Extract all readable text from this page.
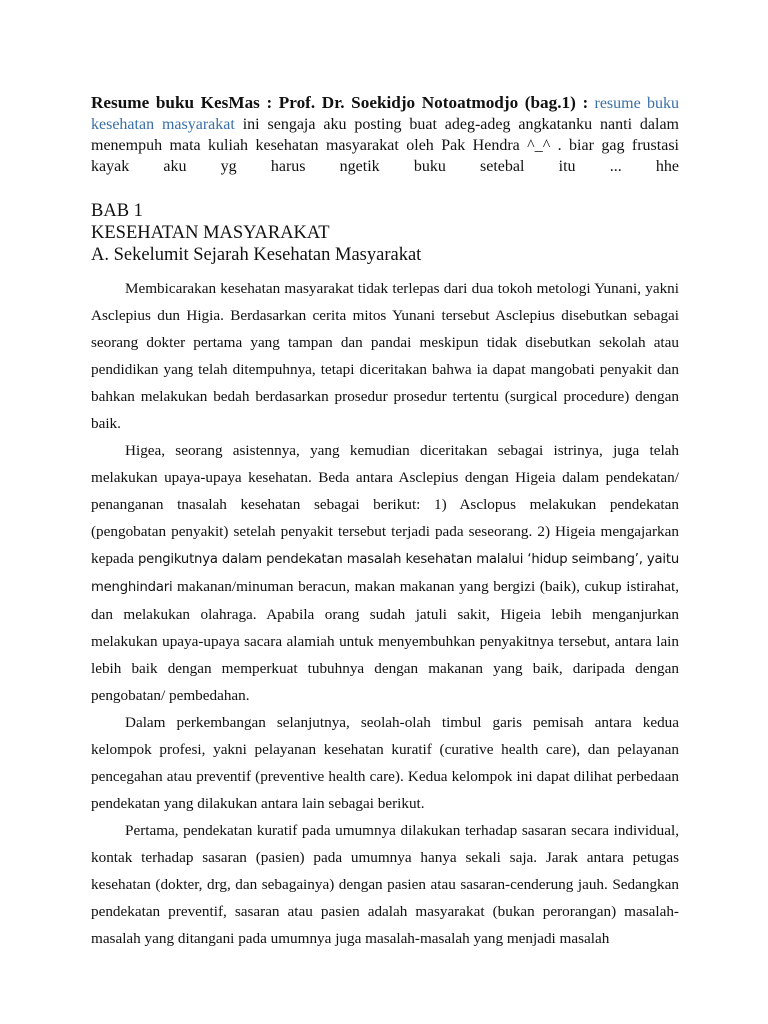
Resume buku KesMas : Prof. Dr. Soekidjo Notoatmodjo (bag.1) : resume buku kesehatan masyarakat ini sengaja aku posting buat adeg-adeg angkatanku nanti dalam menempuh mata kuliah kesehatan masyarakat oleh Pak Hendra ^_^ . biar gag frustasi kayak aku yg harus ngetik buku setebal itu ... hhe

BAB 1
KESEHATAN MASYARAKAT
A. Sekelumit Sejarah Kesehatan Masyarakat

Membicarakan kesehatan masyarakat tidak terlepas dari dua tokoh metologi Yunani, yakni Asclepius dun Higia. Berdasarkan cerita mitos Yunani tersebut Asclepius disebutkan sebagai seorang dokter pertama yang tampan dan pandai meskipun tidak disebutkan sekolah atau pendidikan yang telah ditempuhnya, tetapi diceritakan bahwa ia dapat mangobati penyakit dan bahkan melakukan bedah berdasarkan prosedur prosedur tertentu (surgical procedure) dengan baik.

Higea, seorang asistennya, yang kemudian diceritakan sebagai istrinya, juga telah melakukan upaya-upaya kesehatan. Beda antara Asclepius dengan Higeia dalam pendekatan/ penanganan tnasalah kesehatan sebagai berikut: 1) Asclopus melakukan pendekatan (pengobatan penyakit) setelah penyakit tersebut terjadi pada seseorang. 2) Higeia mengajarkan kepada pengikutnya dalam pendekatan masalah kesehatan malalui ‘hidup seimbang’, yaitu menghindari makanan/minuman beracun, makan makanan yang bergizi (baik), cukup istirahat, dan melakukan olahraga. Apabila orang sudah jatuli sakit, Higeia lebih menganjurkan melakukan upaya-upaya sacara alamiah untuk menyembuhkan penyakitnya tersebut, antara lain lebih baik dengan memperkuat tubuhnya dengan makanan yang baik, daripada dengan pengobatan/ pembedahan.

Dalam perkembangan selanjutnya, seolah-olah timbul garis pemisah antara kedua kelompok profesi, yakni pelayanan kesehatan kuratif (curative health care), dan pelayanan pencegahan atau preventif (preventive health care). Kedua kelompok ini dapat dilihat perbedaan pendekatan yang dilakukan antara lain sebagai berikut.

Pertama, pendekatan kuratif pada umumnya dilakukan terhadap sasaran secara individual, kontak terhadap sasaran (pasien) pada umumnya hanya sekali saja. Jarak antara petugas kesehatan (dokter, drg, dan sebagainya) dengan pasien atau sasaran-cenderung jauh. Sedangkan pendekatan preventif, sasaran atau pasien adalah masyarakat (bukan perorangan) masalah-masalah yang ditangani pada umumnya juga masalah-masalah yang menjadi masalah
